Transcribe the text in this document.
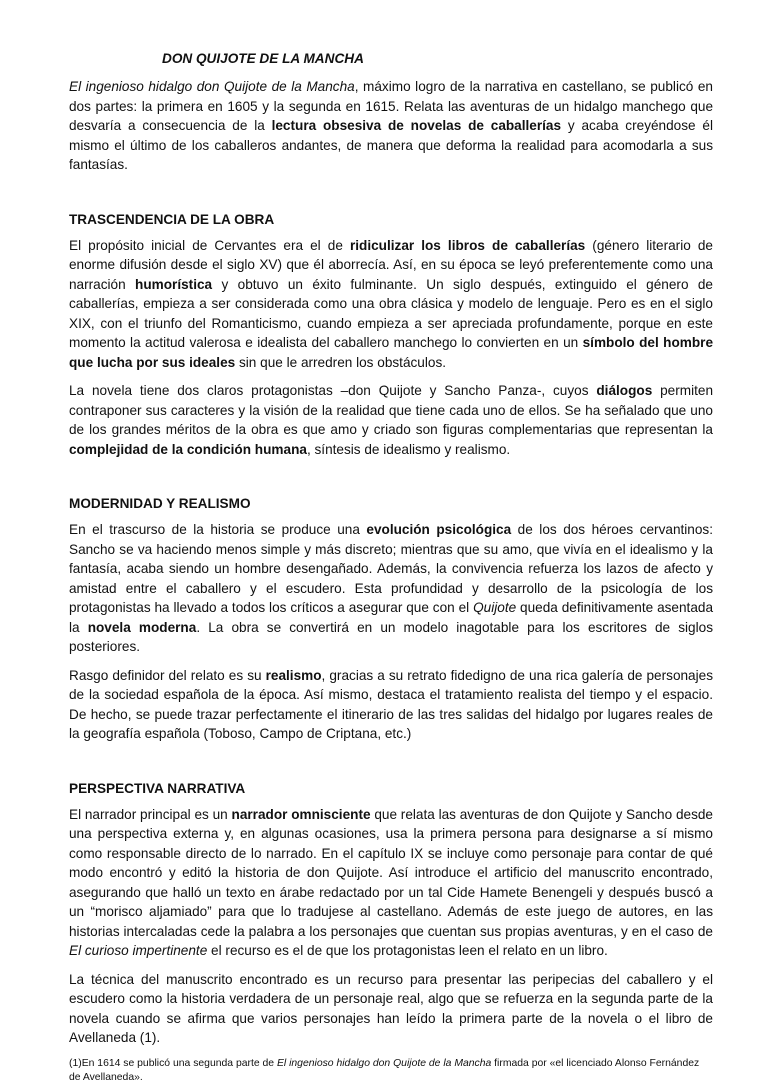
DON QUIJOTE DE LA MANCHA

El ingenioso hidalgo don Quijote de la Mancha, máximo logro de la narrativa en castellano, se publicó en dos partes: la primera en 1605 y la segunda en 1615. Relata las aventuras de un hidalgo manchego que desvaría a consecuencia de la lectura obsesiva de novelas de caballerías y acaba creyéndose él mismo el último de los caballeros andantes, de manera que deforma la realidad para acomodarla a sus fantasías.

TRASCENDENCIA DE LA OBRA

El propósito inicial de Cervantes era el de ridiculizar los libros de caballerías (género literario de enorme difusión desde el siglo XV) que él aborrecía. Así, en su época se leyó preferentemente como una narración humorística y obtuvo un éxito fulminante. Un siglo después, extinguido el género de caballerías, empieza a ser considerada como una obra clásica y modelo de lenguaje. Pero es en el siglo XIX, con el triunfo del Romanticismo, cuando empieza a ser apreciada profundamente, porque en este momento la actitud valerosa e idealista del caballero manchego lo convierten en un símbolo del hombre que lucha por sus ideales sin que le arredren los obstáculos.

La novela tiene dos claros protagonistas –don Quijote y Sancho Panza-, cuyos diálogos permiten contraponer sus caracteres y la visión de la realidad que tiene cada uno de ellos. Se ha señalado que uno de los grandes méritos de la obra es que amo y criado son figuras complementarias que representan la complejidad de la condición humana, síntesis de idealismo y realismo.

MODERNIDAD Y REALISMO

En el trascurso de la historia se produce una evolución psicológica de los dos héroes cervantinos: Sancho se va haciendo menos simple y más discreto; mientras que su amo, que vivía en el idealismo y la fantasía, acaba siendo un hombre desengañado. Además, la convivencia refuerza los lazos de afecto y amistad entre el caballero y el escudero. Esta profundidad y desarrollo de la psicología de los protagonistas ha llevado a todos los críticos a asegurar que con el Quijote queda definitivamente asentada la novela moderna. La obra se convertirá en un modelo inagotable para los escritores de siglos posteriores.

Rasgo definidor del relato es su realismo, gracias a su retrato fidedigno de una rica galería de personajes de la sociedad española de la época. Así mismo, destaca el tratamiento realista del tiempo y el espacio. De hecho, se puede trazar perfectamente el itinerario de las tres salidas del hidalgo por lugares reales de la geografía española (Toboso, Campo de Criptana, etc.)

PERSPECTIVA NARRATIVA

El narrador principal es un narrador omnisciente que relata las aventuras de don Quijote y Sancho desde una perspectiva externa y, en algunas ocasiones, usa la primera persona para designarse a sí mismo como responsable directo de lo narrado. En el capítulo IX se incluye como personaje para contar de qué modo encontró y editó la historia de don Quijote. Así introduce el artificio del manuscrito encontrado, asegurando que halló un texto en árabe redactado por un tal Cide Hamete Benengeli y después buscó a un “morisco aljamiado” para que lo tradujese al castellano. Además de este juego de autores, en las historias intercaladas cede la palabra a los personajes que cuentan sus propias aventuras, y en el caso de El curioso impertinente el recurso es el de que los protagonistas leen el relato en un libro.

La técnica del manuscrito encontrado es un recurso para presentar las peripecias del caballero y el escudero como la historia verdadera de un personaje real, algo que se refuerza en la segunda parte de la novela cuando se afirma que varios personajes han leído la primera parte de la novela o el libro de Avellaneda (1).

(1)En 1614 se publicó una segunda parte de El ingenioso hidalgo don Quijote de la Mancha firmada por «el licenciado Alonso Fernández de Avellaneda».
